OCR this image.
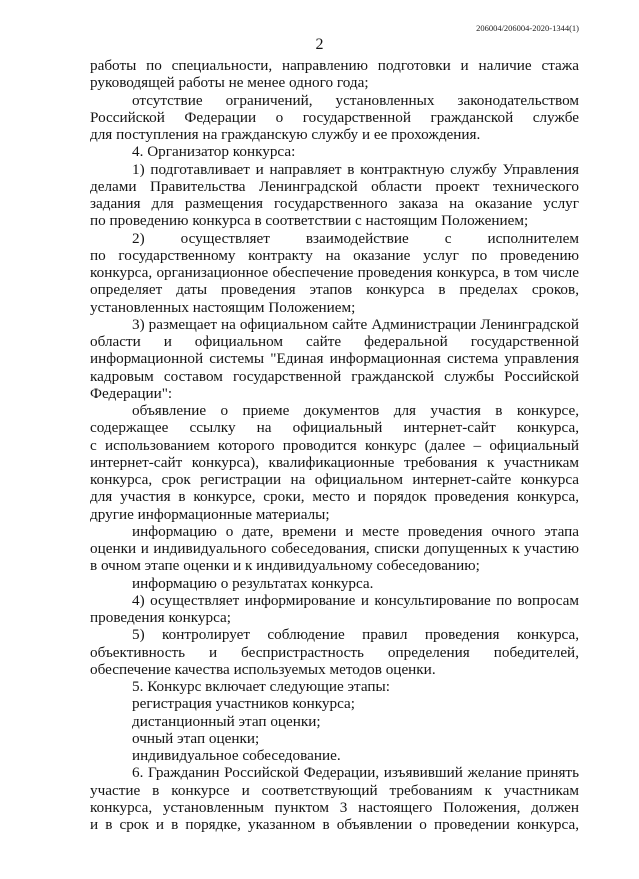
206004/206004-2020-1344(1)
2

работы по специальности, направлению подготовки и наличие стажа

руководящей работы не менее одного года;

отсутствие ограничений, установленных законодательством

Российской Федерации о государственной гражданской службе

для поступления на гражданскую службу и ее прохождения.

4. Организатор конкурса:

1) подготавливает и направляет в контрактную службу Управления

делами Правительства Ленинградской области проект технического

задания для размещения государственного заказа на оказание услуг

по проведению конкурса в соответствии с настоящим Положением;

2) осуществляет взаимодействие с исполнителем

по государственному контракту на оказание услуг по проведению

конкурса, организационное обеспечение проведения конкурса, в том числе

определяет даты проведения этапов конкурса в пределах сроков,

установленных настоящим Положением;

3) размещает на официальном сайте Администрации Ленинградской

области и официальном сайте федеральной государственной

информационной системы "Единая информационная система управления

кадровым составом государственной гражданской службы Российской

Федерации":

объявление о приеме документов для участия в конкурсе,

содержащее ссылку на официальный интернет-сайт конкурса,

с использованием которого проводится конкурс (далее – официальный

интернет-сайт конкурса), квалификационные требования к участникам

конкурса, срок регистрации на официальном интернет-сайте конкурса

для участия в конкурсе, сроки, место и порядок проведения конкурса,

другие информационные материалы;

информацию о дате, времени и месте проведения очного этапа

оценки и индивидуального собеседования, списки допущенных к участию

в очном этапе оценки и к индивидуальному собеседованию;

информацию о результатах конкурса.

4) осуществляет информирование и консультирование по вопросам

проведения конкурса;

5) контролирует соблюдение правил проведения конкурса,

объективность и беспристрастность определения победителей,

обеспечение качества используемых методов оценки.

5. Конкурс включает следующие этапы:

регистрация участников конкурса;

дистанционный этап оценки;

очный этап оценки;

индивидуальное собеседование.

6. Гражданин Российской Федерации, изъявивший желание принять

участие в конкурсе и соответствующий требованиям к участникам

конкурса, установленным пунктом 3 настоящего Положения, должен

и в срок и в порядке, указанном в объявлении о проведении конкурса,
